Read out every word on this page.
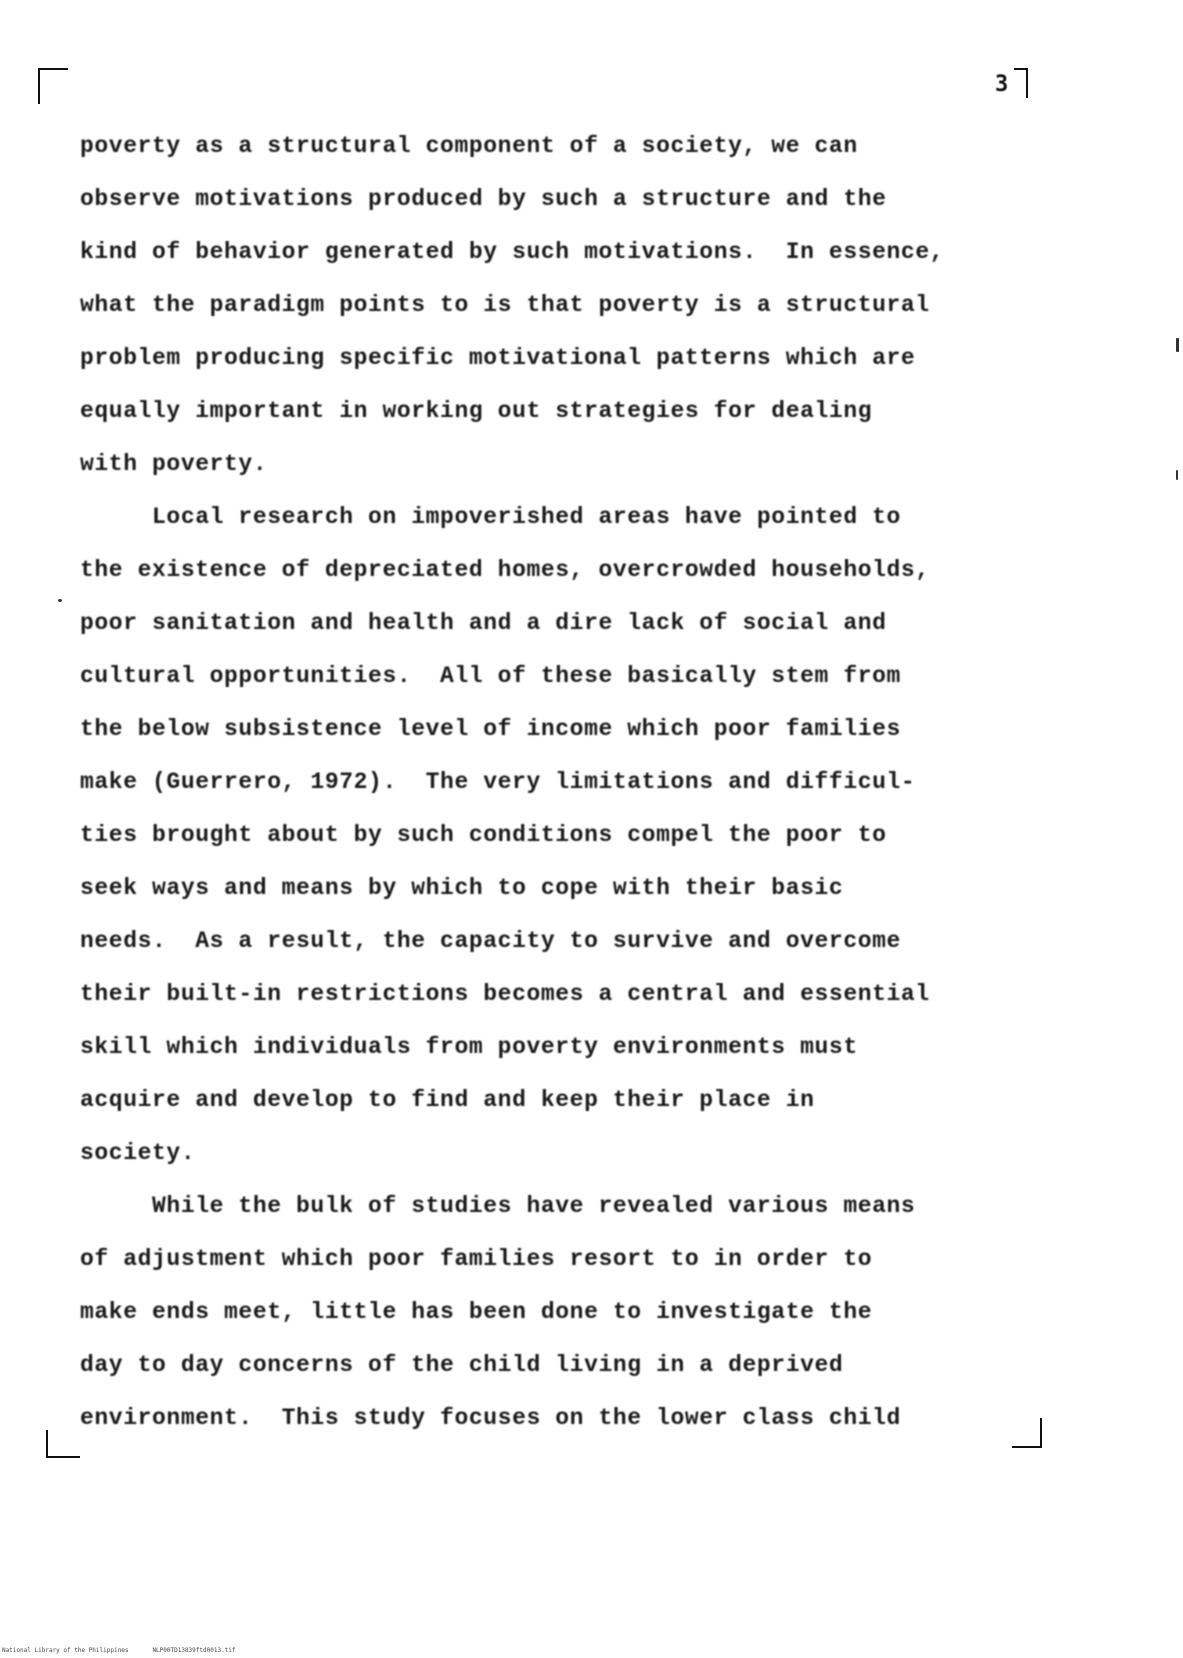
3
poverty as a structural component of a society, we can
observe motivations produced by such a structure and the
kind of behavior generated by such motivations.  In essence,
what the paradigm points to is that poverty is a structural
problem producing specific motivational patterns which are
equally important in working out strategies for dealing
with poverty.
Local research on impoverished areas have pointed to
the existence of depreciated homes, overcrowded households,
poor sanitation and health and a dire lack of social and
cultural opportunities.  All of these basically stem from
the below subsistence level of income which poor families
make (Guerrero, 1972).  The very limitations and difficul-
ties brought about by such conditions compel the poor to
seek ways and means by which to cope with their basic
needs.  As a result, the capacity to survive and overcome
their built-in restrictions becomes a central and essential
skill which individuals from poverty environments must
acquire and develop to find and keep their place in
society.
While the bulk of studies have revealed various means
of adjustment which poor families resort to in order to
make ends meet, little has been done to investigate the
day to day concerns of the child living in a deprived
environment.  This study focuses on the lower class child
National Library of the Philippines	NLP00TD13839ftd0013.tif
